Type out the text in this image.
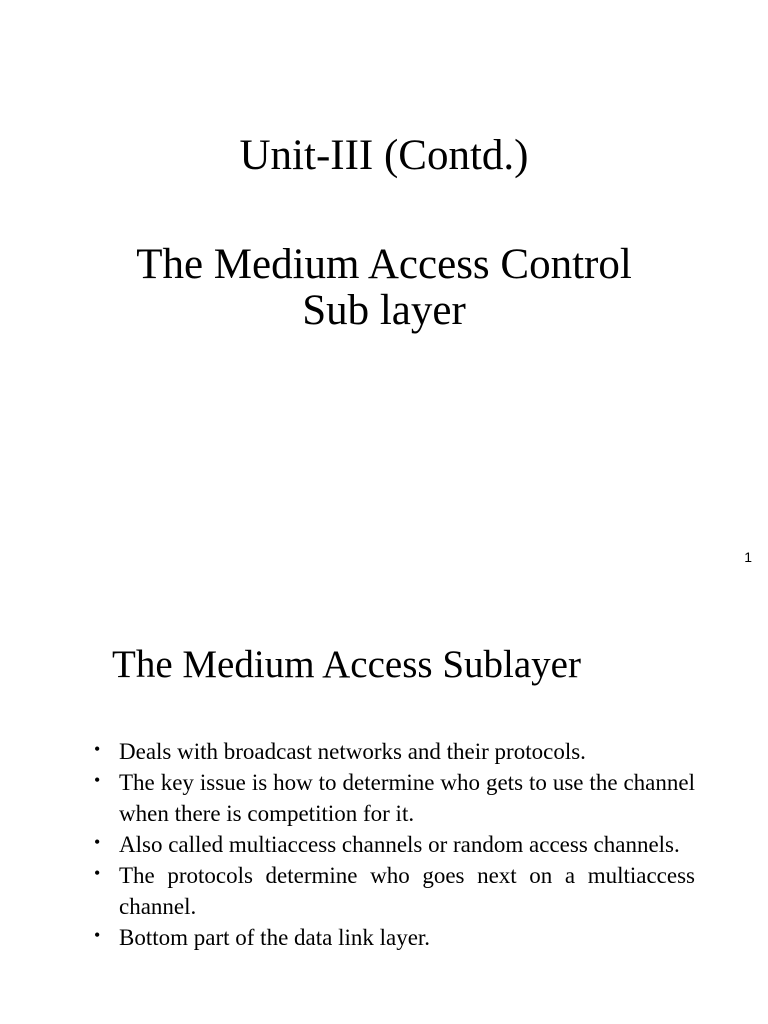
Unit-III (Contd.)
The Medium Access Control
Sub layer
1
The Medium Access Sublayer
• Deals with broadcast networks and their protocols.
• The key issue is how to determine who gets to use the channel when there is competition for it.
• Also called multiaccess channels or random access channels.
• The protocols determine who goes next on a multiaccess channel.
• Bottom part of the data link layer.
